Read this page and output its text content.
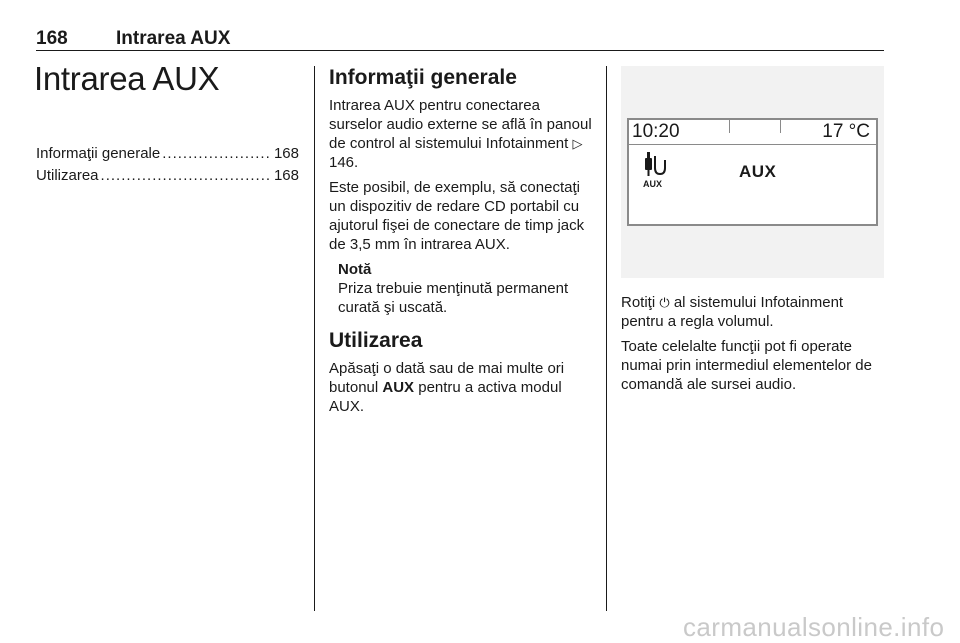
168	Intrarea AUX
Intrarea AUX
Informaţii generale .....	168
Utilizarea .....	168
Informaţii generale

Intrarea AUX pentru conectarea surselor audio externe se află în panoul de control al sistemului Infotainment ▷ 146.

Este posibil, de exemplu, să conectaţi un dispozitiv de redare CD portabil cu ajutorul fişei de conectare de timp jack de 3,5 mm în intrarea AUX.

Notă
Priza trebuie menţinută permanent curată şi uscată.
Utilizarea

Apăsaţi o dată sau de mai multe ori butonul AUX pentru a activa modul AUX.

10:20	17 °C
AUX
AUX

Rotiţi ⏻ al sistemului Infotainment pentru a regla volumul.

Toate celelalte funcţii pot fi operate numai prin intermediul elementelor de comandă ale sursei audio.

carmanualsonline.info
